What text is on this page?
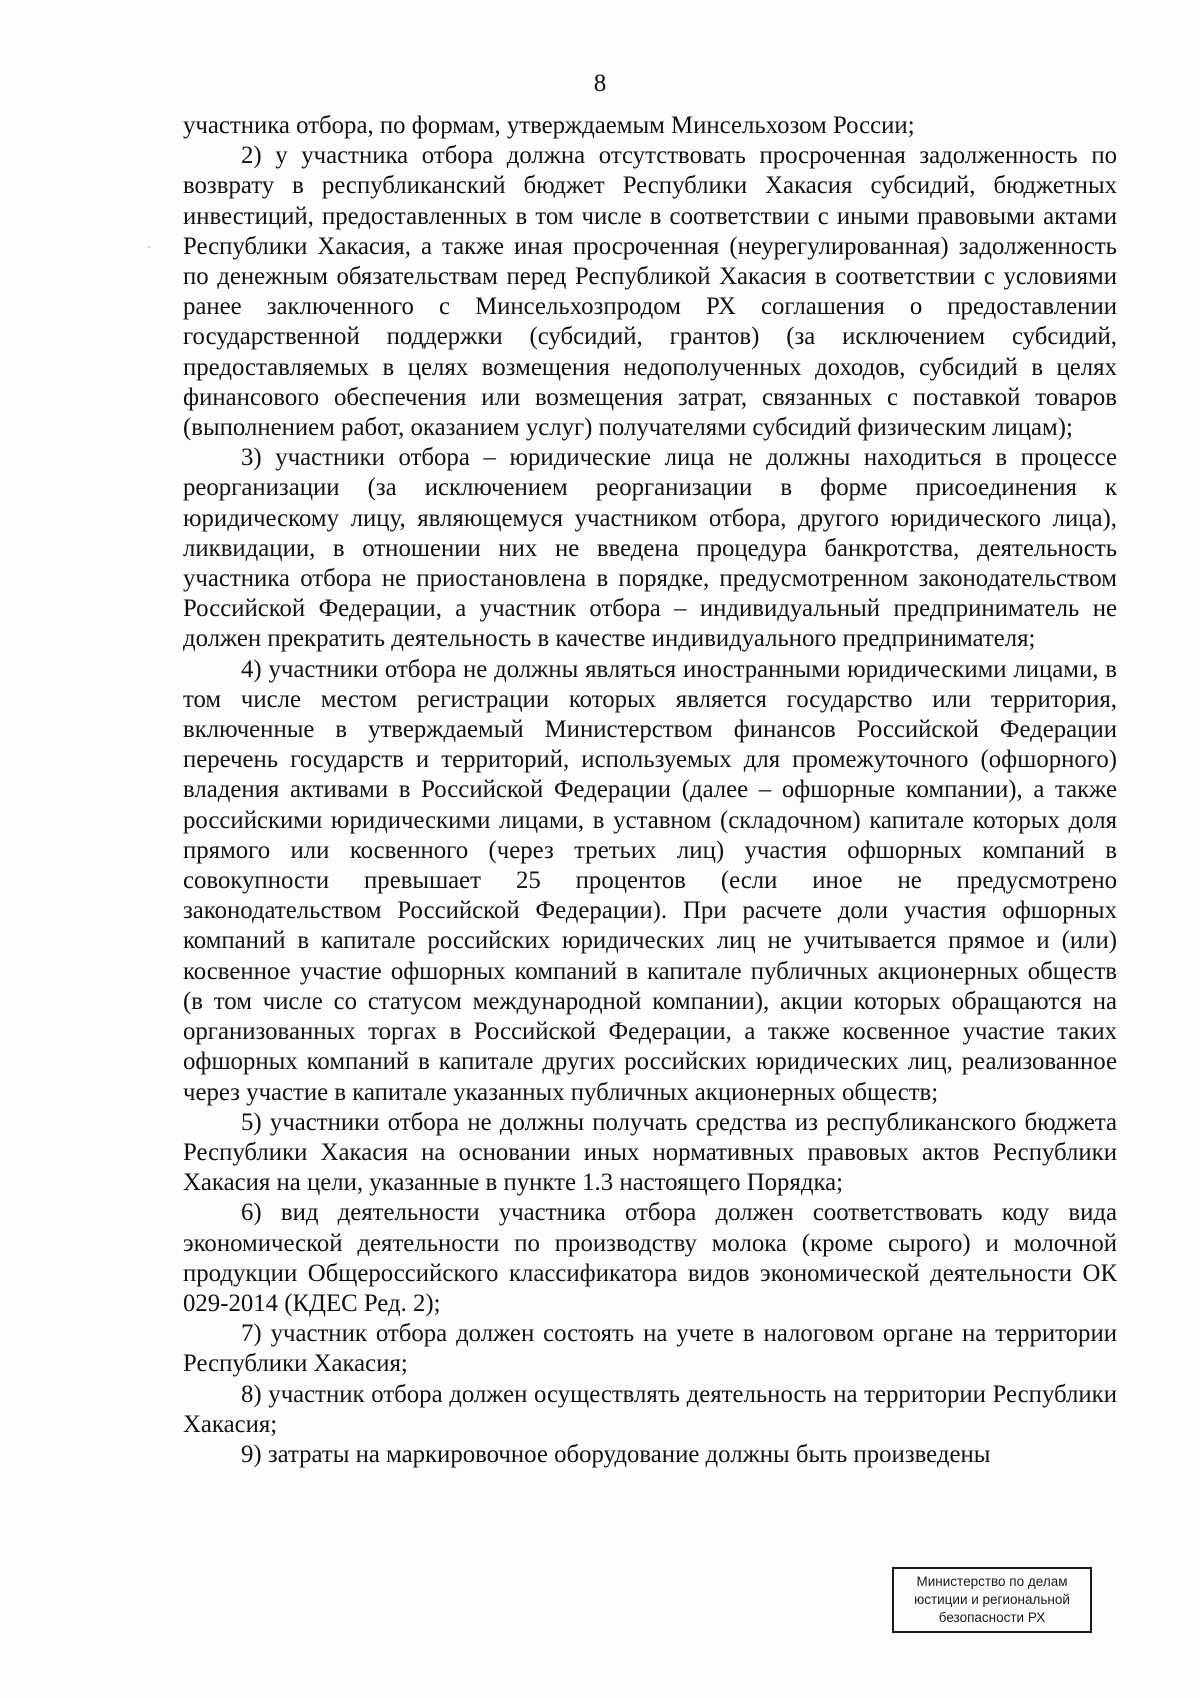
8

участника отбора, по формам, утверждаемым Минсельхозом России;

2) у участника отбора должна отсутствовать просроченная задолженность по возврату в республиканский бюджет Республики Хакасия субсидий, бюджетных инвестиций, предоставленных в том числе в соответствии с иными правовыми актами Республики Хакасия, а также иная просроченная (неурегулированная) задолженность по денежным обязательствам перед Республикой Хакасия в соответствии с условиями ранее заключенного с Минсельхозпродом РХ соглашения о предоставлении государственной поддержки (субсидий, грантов) (за исключением субсидий, предоставляемых в целях возмещения недополученных доходов, субсидий в целях финансового обеспечения или возмещения затрат, связанных с поставкой товаров (выполнением работ, оказанием услуг) получателями субсидий физическим лицам);

3) участники отбора – юридические лица не должны находиться в процессе реорганизации (за исключением реорганизации в форме присоединения к юридическому лицу, являющемуся участником отбора, другого юридического лица), ликвидации, в отношении них не введена процедура банкротства, деятельность участника отбора не приостановлена в порядке, предусмотренном законодательством Российской Федерации, а участник отбора – индивидуальный предприниматель не должен прекратить деятельность в качестве индивидуального предпринимателя;

4) участники отбора не должны являться иностранными юридическими лицами, в том числе местом регистрации которых является государство или территория, включенные в утверждаемый Министерством финансов Российской Федерации перечень государств и территорий, используемых для промежуточного (офшорного) владения активами в Российской Федерации (далее – офшорные компании), а также российскими юридическими лицами, в уставном (складочном) капитале которых доля прямого или косвенного (через третьих лиц) участия офшорных компаний в совокупности превышает 25 процентов (если иное не предусмотрено законодательством Российской Федерации). При расчете доли участия офшорных компаний в капитале российских юридических лиц не учитывается прямое и (или) косвенное участие офшорных компаний в капитале публичных акционерных обществ (в том числе со статусом международной компании), акции которых обращаются на организованных торгах в Российской Федерации, а также косвенное участие таких офшорных компаний в капитале других российских юридических лиц, реализованное через участие в капитале указанных публичных акционерных обществ;

5) участники отбора не должны получать средства из республиканского бюджета Республики Хакасия на основании иных нормативных правовых актов Республики Хакасия на цели, указанные в пункте 1.3 настоящего Порядка;

6) вид деятельности участника отбора должен соответствовать коду вида экономической деятельности по производству молока (кроме сырого) и молочной продукции Общероссийского классификатора видов экономической деятельности ОК 029-2014 (КДЕС Ред. 2);

7) участник отбора должен состоять на учете в налоговом органе на территории Республики Хакасия;

8) участник отбора должен осуществлять деятельность на территории Республики Хакасия;

9) затраты на маркировочное оборудование должны быть произведены

Министерство по делам
юстиции и региональной
безопасности РХ
